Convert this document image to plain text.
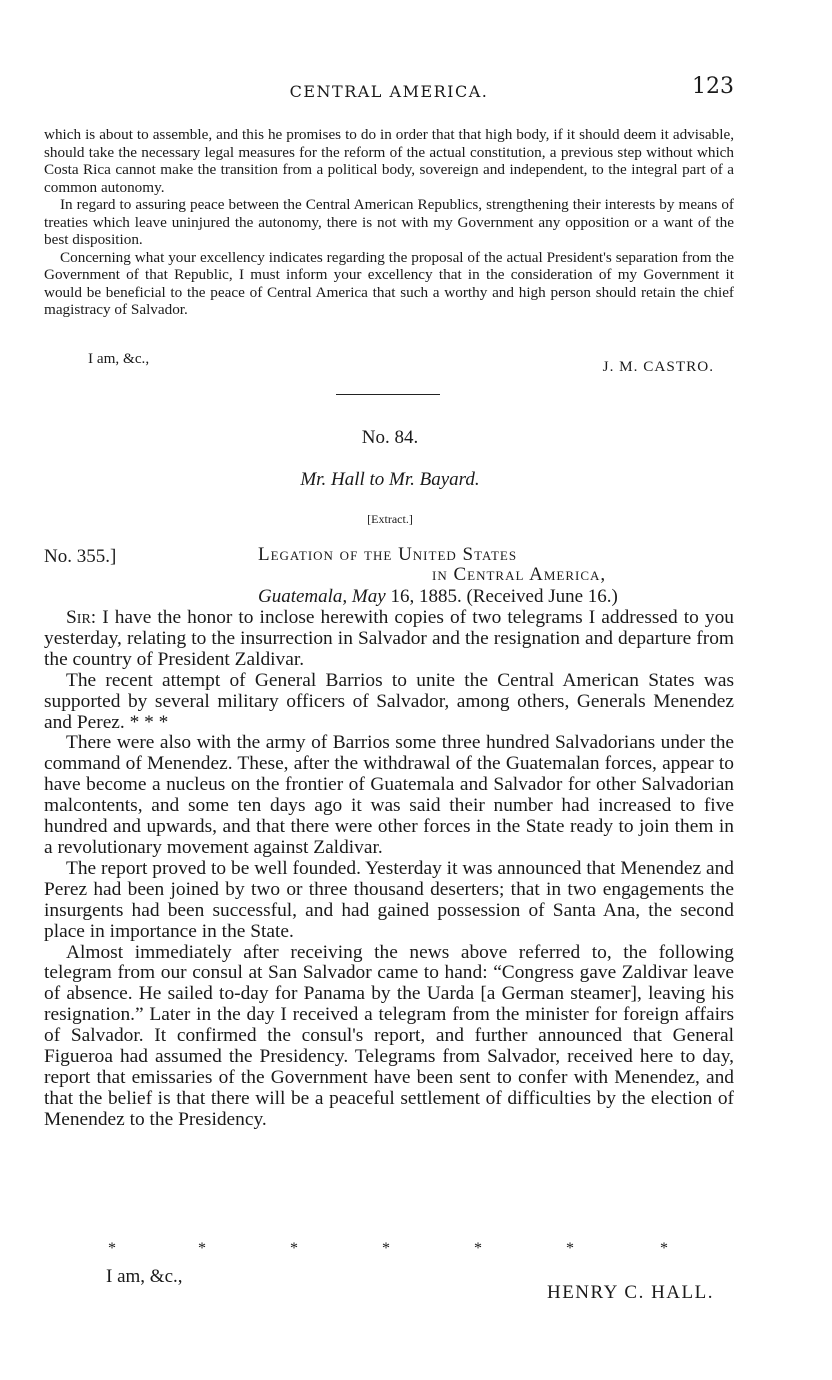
CENTRAL AMERICA.	123

which is about to assemble, and this he promises to do in order that that high body, if it should deem it advisable, should take the necessary legal measures for the reform of the actual constitution, a previous step without which Costa Rica cannot make the transition from a political body, sovereign and independent, to the integral part of a common autonomy.

In regard to assuring peace between the Central American Republics, strengthening their interests by means of treaties which leave uninjured the autonomy, there is not with my Government any opposition or a want of the best disposition.

Concerning what your excellency indicates regarding the proposal of the actual President's separation from the Government of that Republic, I must inform your excellency that in the consideration of my Government it would be beneficial to the peace of Central America that such a worthy and high person should retain the chief magistracy of Salvador.

I am, &c.,	J. M. CASTRO.
No. 84.
Mr. Hall to Mr. Bayard.
[Extract.]
No. 355.]	Legation of the United States
in Central America,
Guatemala, May 16, 1885. (Received June 16.)

Sir: I have the honor to inclose herewith copies of two telegrams I addressed to you yesterday, relating to the insurrection in Salvador and the resignation and departure from the country of President Zaldivar.

The recent attempt of General Barrios to unite the Central American States was supported by several military officers of Salvador, among others, Generals Menendez and Perez. * * *

There were also with the army of Barrios some three hundred Salvadorians under the command of Menendez. These, after the withdrawal of the Guatemalan forces, appear to have become a nucleus on the frontier of Guatemala and Salvador for other Salvadorian malcontents, and some ten days ago it was said their number had increased to five hundred and upwards, and that there were other forces in the State ready to join them in a revolutionary movement against Zaldivar.

The report proved to be well founded. Yesterday it was announced that Menendez and Perez had been joined by two or three thousand deserters; that in two engagements the insurgents had been successful, and had gained possession of Santa Ana, the second place in importance in the State.

Almost immediately after receiving the news above referred to, the following telegram from our consul at San Salvador came to hand: “Congress gave Zaldivar leave of absence. He sailed to-day for Panama by the Uarda [a German steamer], leaving his resignation.” Later in the day I received a telegram from the minister for foreign affairs of Salvador. It confirmed the consul's report, and further announced that General Figueroa had assumed the Presidency. Telegrams from Salvador, received here to day, report that emissaries of the Government have been sent to confer with Menendez, and that the belief is that there will be a peaceful settlement of difficulties by the election of Menendez to the Presidency.

*	*	*	*	*	*	*
I am, &c.,
HENRY C. HALL.
